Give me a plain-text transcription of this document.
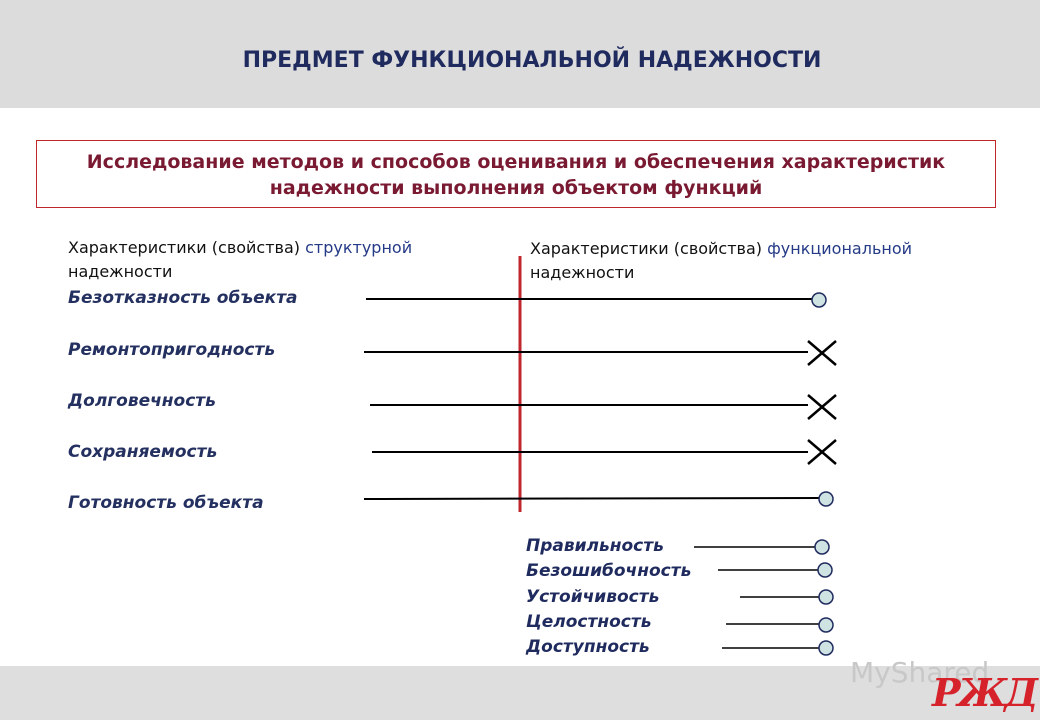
ПРЕДМЕТ ФУНКЦИОНАЛЬНОЙ НАДЕЖНОСТИ
Исследование методов и способов оценивания и обеспечения характеристик
надежности выполнения объектом функций
Характеристики (свойства) структурной
надежности
Характеристики (свойства) функциональной
надежности
Безотказность объекта
Ремонтопригодность
Долговечность
Сохраняемость
Готовность объекта
Правильность
Безошибочность
Устойчивость
Целостность
Доступность
MyShared
РЖД
